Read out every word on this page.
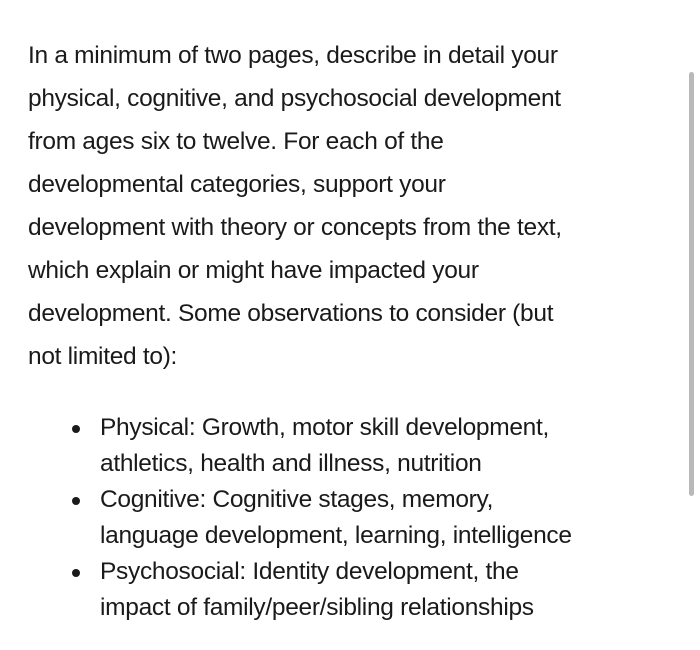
In a minimum of two pages, describe in detail your
physical, cognitive, and psychosocial development
from ages six to twelve. For each of the
developmental categories, support your
development with theory or concepts from the text,
which explain or might have impacted your
development. Some observations to consider (but
not limited to):

Physical: Growth, motor skill development,
athletics, health and illness, nutrition
Cognitive: Cognitive stages, memory,
language development, learning, intelligence
Psychosocial: Identity development, the
impact of family/peer/sibling relationships
